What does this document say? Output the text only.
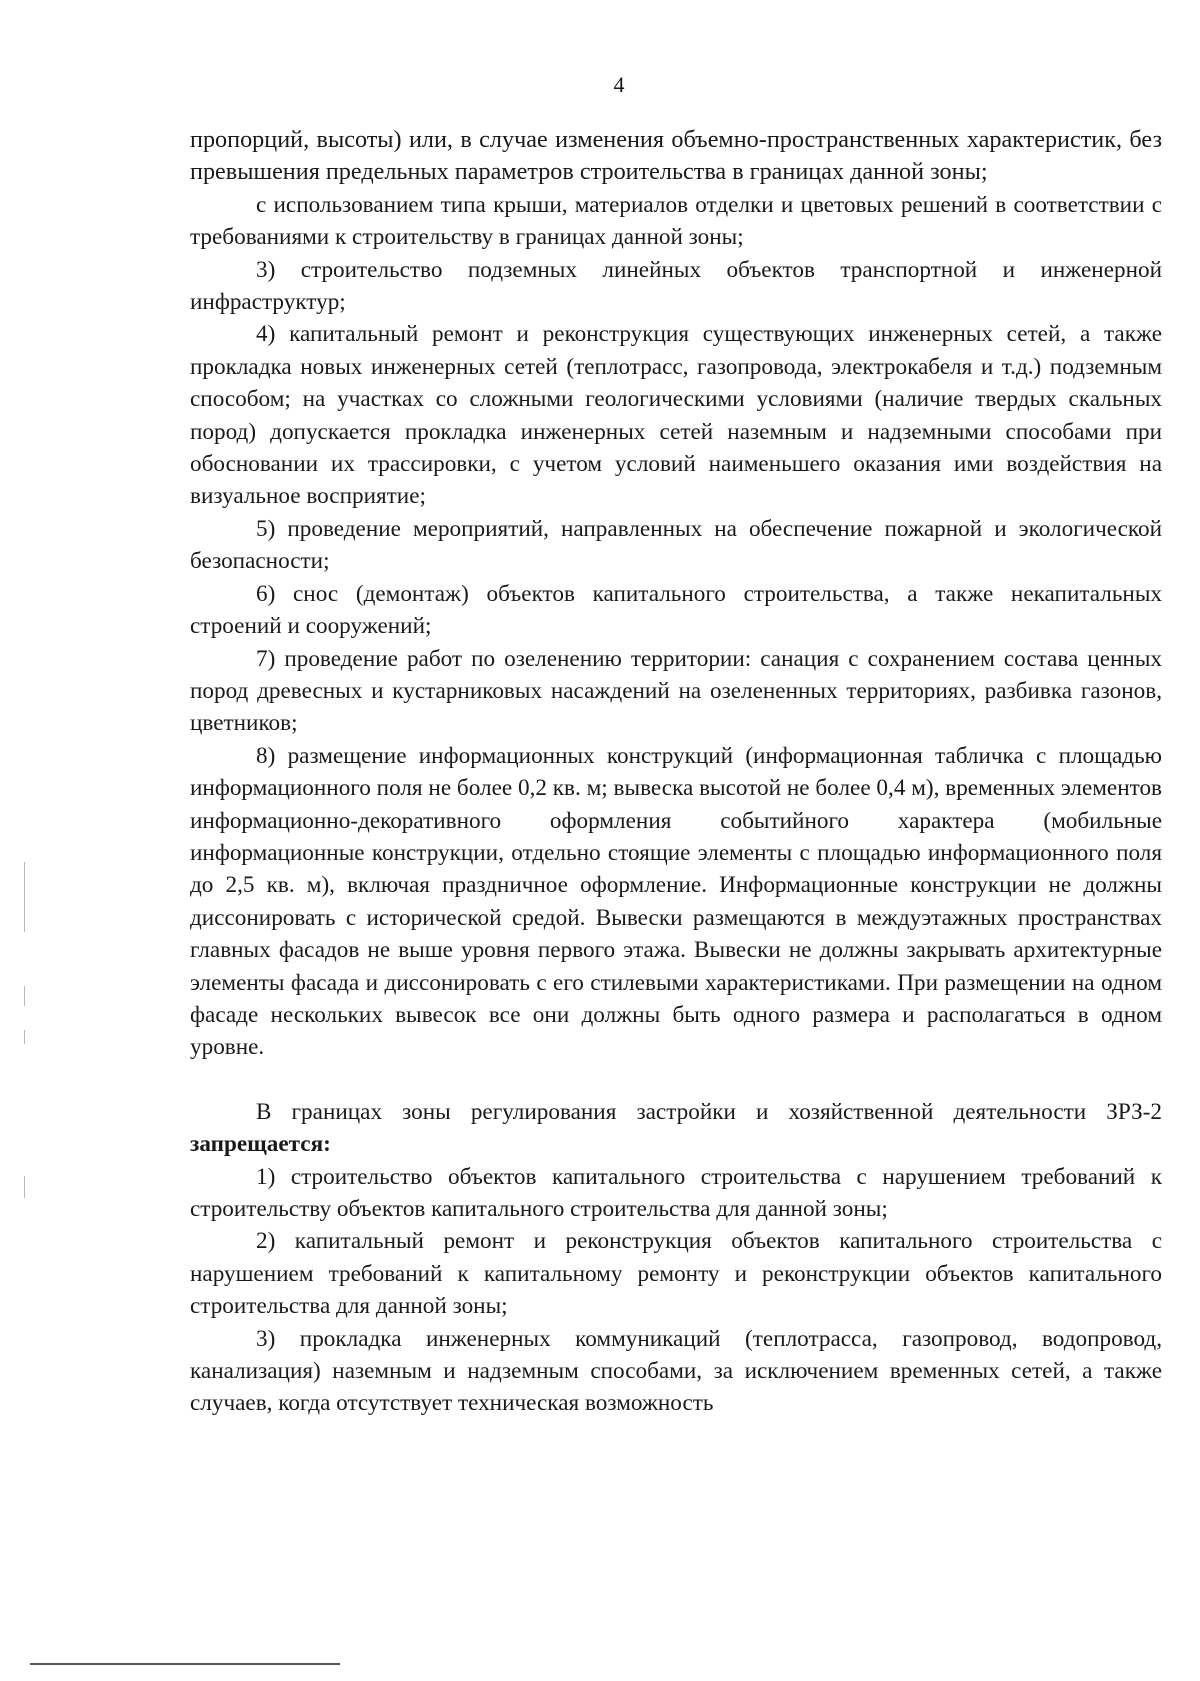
4

пропорций, высоты) или, в случае изменения объемно-пространственных характеристик, без превышения предельных параметров строительства в границах данной зоны;

с использованием типа крыши, материалов отделки и цветовых решений в соответствии с требованиями к строительству в границах данной зоны;

3) строительство подземных линейных объектов транспортной и инженерной инфраструктур;

4) капитальный ремонт и реконструкция существующих инженерных сетей, а также прокладка новых инженерных сетей (теплотрасс, газопровода, электрокабеля и т.д.) подземным способом; на участках со сложными геологическими условиями (наличие твердых скальных пород) допускается прокладка инженерных сетей наземным и надземными способами при обосновании их трассировки, с учетом условий наименьшего оказания ими воздействия на визуальное восприятие;

5) проведение мероприятий, направленных на обеспечение пожарной и экологической безопасности;

6) снос (демонтаж) объектов капитального строительства, а также некапитальных строений и сооружений;

7) проведение работ по озеленению территории: санация с сохранением состава ценных пород древесных и кустарниковых насаждений на озелененных территориях, разбивка газонов, цветников;

8) размещение информационных конструкций (информационная табличка с площадью информационного поля не более 0,2 кв. м; вывеска высотой не более 0,4 м), временных элементов информационно-декоративного оформления событийного характера (мобильные информационные конструкции, отдельно стоящие элементы с площадью информационного поля до 2,5 кв. м), включая праздничное оформление. Информационные конструкции не должны диссонировать с исторической средой. Вывески размещаются в междуэтажных пространствах главных фасадов не выше уровня первого этажа. Вывески не должны закрывать архитектурные элементы фасада и диссонировать с его стилевыми характеристиками. При размещении на одном фасаде нескольких вывесок все они должны быть одного размера и располагаться в одном уровне.

В границах зоны регулирования застройки и хозяйственной деятельности ЗРЗ-2 запрещается:

1) строительство объектов капитального строительства с нарушением требований к строительству объектов капитального строительства для данной зоны;

2) капитальный ремонт и реконструкция объектов капитального строительства с нарушением требований к капитальному ремонту и реконструкции объектов капитального строительства для данной зоны;

3) прокладка инженерных коммуникаций (теплотрасса, газопровод, водопровод, канализация) наземным и надземным способами, за исключением временных сетей, а также случаев, когда отсутствует техническая возможность
